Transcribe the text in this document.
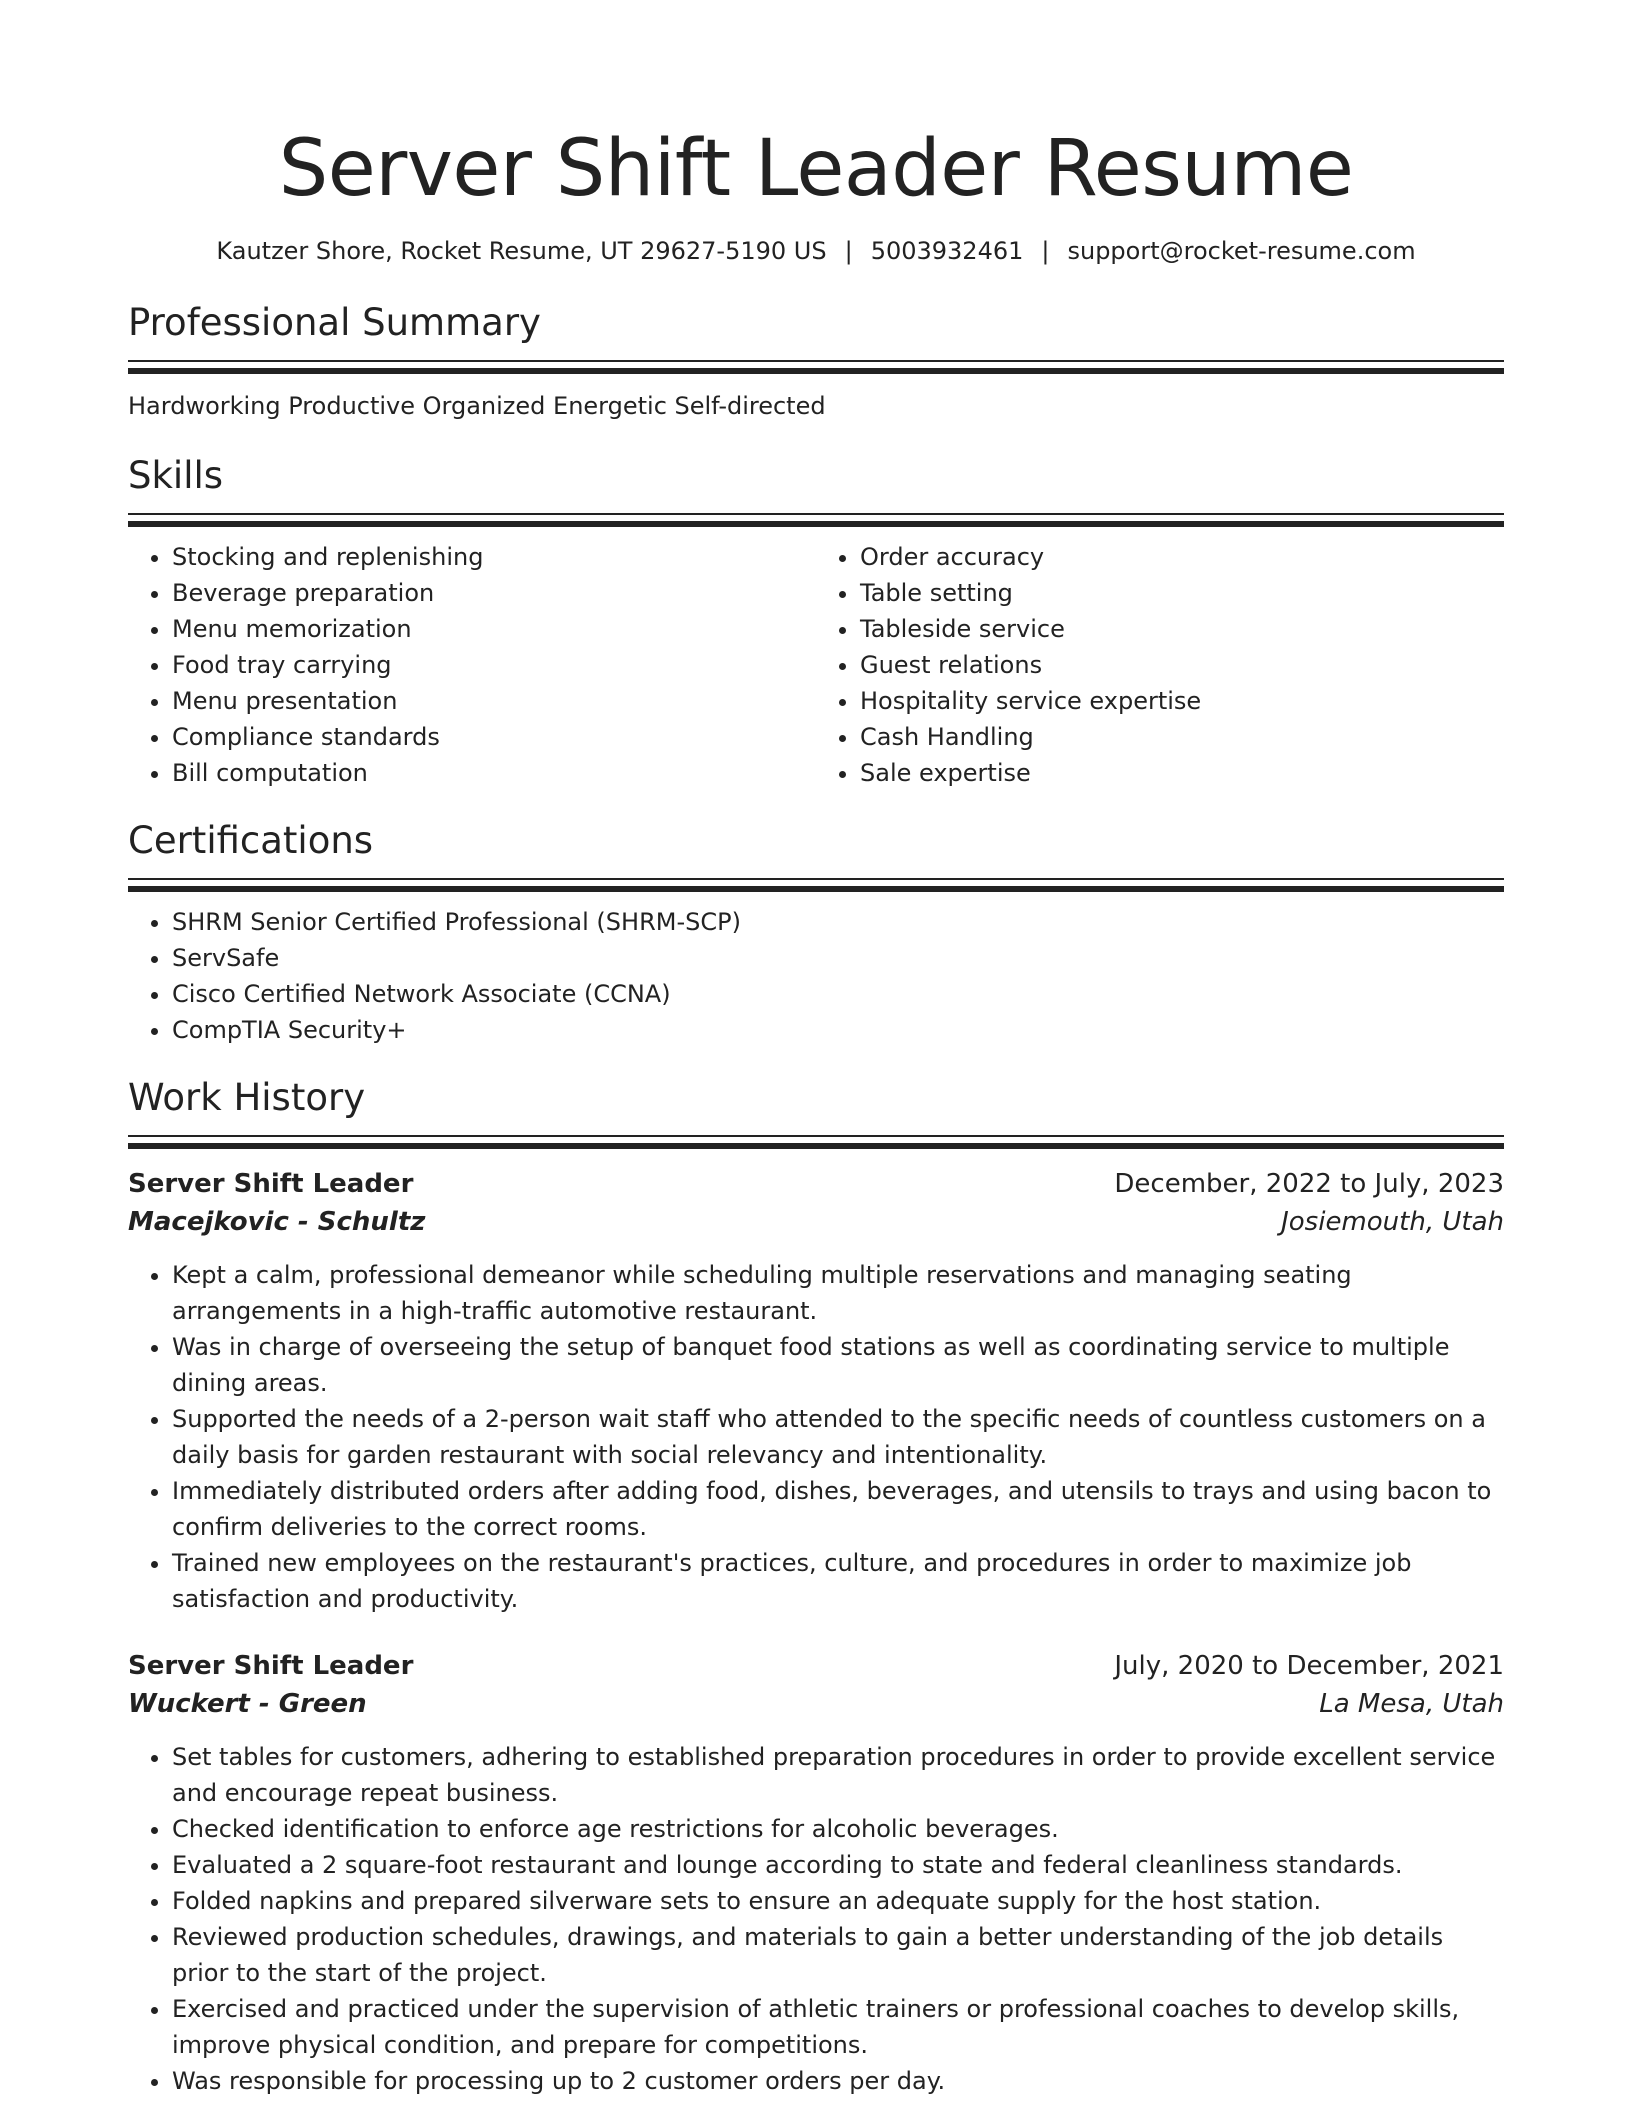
Server Shift Leader Resume
Kautzer Shore, Rocket Resume, UT 29627-5190 US | 5003932461 | support@rocket-resume.com
Professional Summary
Hardworking Productive Organized Energetic Self-directed
Skills
• Stocking and replenishing
• Beverage preparation
• Menu memorization
• Food tray carrying
• Menu presentation
• Compliance standards
• Bill computation
• Order accuracy
• Table setting
• Tableside service
• Guest relations
• Hospitality service expertise
• Cash Handling
• Sale expertise
Certifications
• SHRM Senior Certified Professional (SHRM-SCP)
• ServSafe
• Cisco Certified Network Associate (CCNA)
• CompTIA Security+
Work History
Server Shift Leader	December, 2022 to July, 2023
Macejkovic - Schultz	Josiemouth, Utah
• Kept a calm, professional demeanor while scheduling multiple reservations and managing seating arrangements in a high-traffic automotive restaurant.
• Was in charge of overseeing the setup of banquet food stations as well as coordinating service to multiple dining areas.
• Supported the needs of a 2-person wait staff who attended to the specific needs of countless customers on a daily basis for garden restaurant with social relevancy and intentionality.
• Immediately distributed orders after adding food, dishes, beverages, and utensils to trays and using bacon to confirm deliveries to the correct rooms.
• Trained new employees on the restaurant's practices, culture, and procedures in order to maximize job satisfaction and productivity.
Server Shift Leader	July, 2020 to December, 2021
Wuckert - Green	La Mesa, Utah
• Set tables for customers, adhering to established preparation procedures in order to provide excellent service and encourage repeat business.
• Checked identification to enforce age restrictions for alcoholic beverages.
• Evaluated a 2 square-foot restaurant and lounge according to state and federal cleanliness standards.
• Folded napkins and prepared silverware sets to ensure an adequate supply for the host station.
• Reviewed production schedules, drawings, and materials to gain a better understanding of the job details prior to the start of the project.
• Exercised and practiced under the supervision of athletic trainers or professional coaches to develop skills, improve physical condition, and prepare for competitions.
• Was responsible for processing up to 2 customer orders per day.
